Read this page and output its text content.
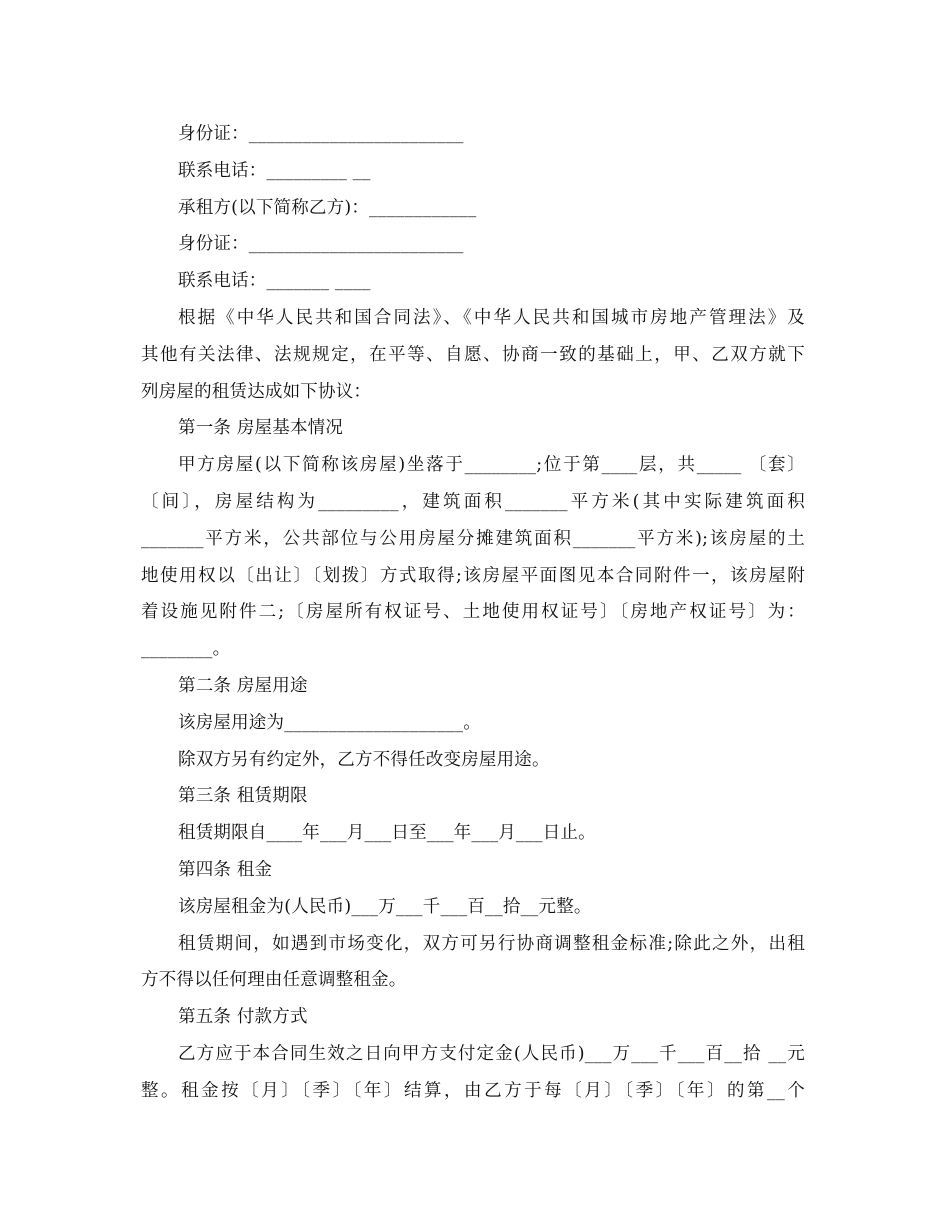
身份证：________________________
联系电话：_________ __
承租方(以下简称乙方)：____________
身份证：________________________
联系电话：_______ ____
根据《中华人民共和国合同法》、《中华人民共和国城市房地产管理法》及
其他有关法律、法规规定，在平等、自愿、协商一致的基础上，甲、乙双方就下
列房屋的租赁达成如下协议：
第一条 房屋基本情况
甲方房屋(以下简称该房屋)坐落于________;位于第____层，共_____ 〔套〕
〔间〕，房屋结构为_________，建筑面积_______平方米(其中实际建筑面积
_______平方米，公共部位与公用房屋分摊建筑面积_______平方米);该房屋的土
地使用权以〔出让〕〔划拨〕方式取得;该房屋平面图见本合同附件一，该房屋附
着设施见附件二;〔房屋所有权证号、土地使用权证号〕〔房地产权证号〕为：
________。
第二条 房屋用途
该房屋用途为____________________。
除双方另有约定外，乙方不得任改变房屋用途。
第三条 租赁期限
租赁期限自____年___月___日至___年___月___日止。
第四条 租金
该房屋租金为(人民币)___万___千___百__拾__元整。
租赁期间，如遇到市场变化，双方可另行协商调整租金标准;除此之外，出租
方不得以任何理由任意调整租金。
第五条 付款方式
乙方应于本合同生效之日向甲方支付定金(人民币)___万___千___百__拾 __元
整。租金按〔月〕〔季〕〔年〕结算，由乙方于每〔月〕〔季〕〔年〕的第__个
